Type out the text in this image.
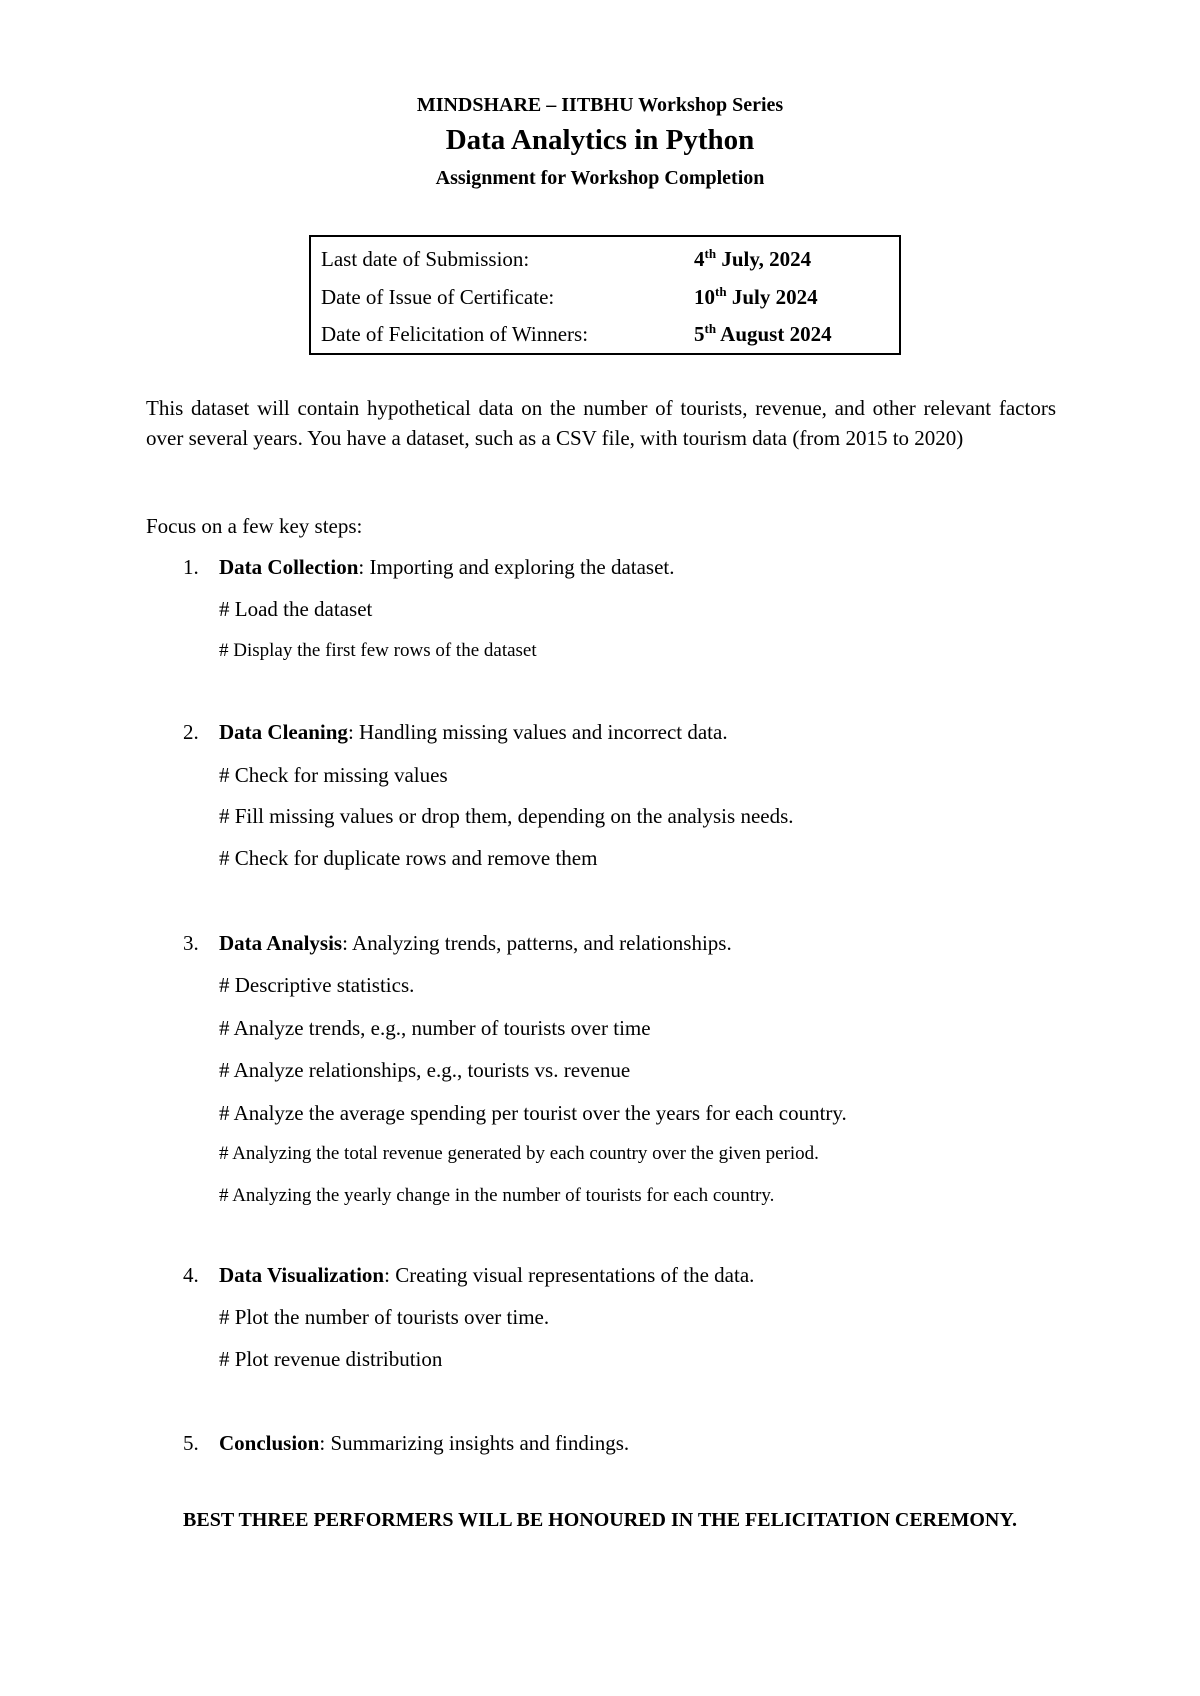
MINDSHARE – IITBHU Workshop Series
Data Analytics in Python
Assignment for Workshop Completion
Last date of Submission:	4th July, 2024
Date of Issue of Certificate:	10th July 2024
Date of Felicitation of Winners:	5th August 2024
This dataset will contain hypothetical data on the number of tourists, revenue, and other relevant factors over several years. You have a dataset, such as a CSV file, with tourism data (from 2015 to 2020)
Focus on a few key steps:
1. Data Collection: Importing and exploring the dataset.
# Load the dataset
# Display the first few rows of the dataset
2. Data Cleaning: Handling missing values and incorrect data.
# Check for missing values
# Fill missing values or drop them, depending on the analysis needs.
# Check for duplicate rows and remove them
3. Data Analysis: Analyzing trends, patterns, and relationships.
# Descriptive statistics.
# Analyze trends, e.g., number of tourists over time
# Analyze relationships, e.g., tourists vs. revenue
# Analyze the average spending per tourist over the years for each country.
# Analyzing the total revenue generated by each country over the given period.
# Analyzing the yearly change in the number of tourists for each country.
4. Data Visualization: Creating visual representations of the data.
# Plot the number of tourists over time.
# Plot revenue distribution
5. Conclusion: Summarizing insights and findings.
BEST THREE PERFORMERS WILL BE HONOURED IN THE FELICITATION CEREMONY.
